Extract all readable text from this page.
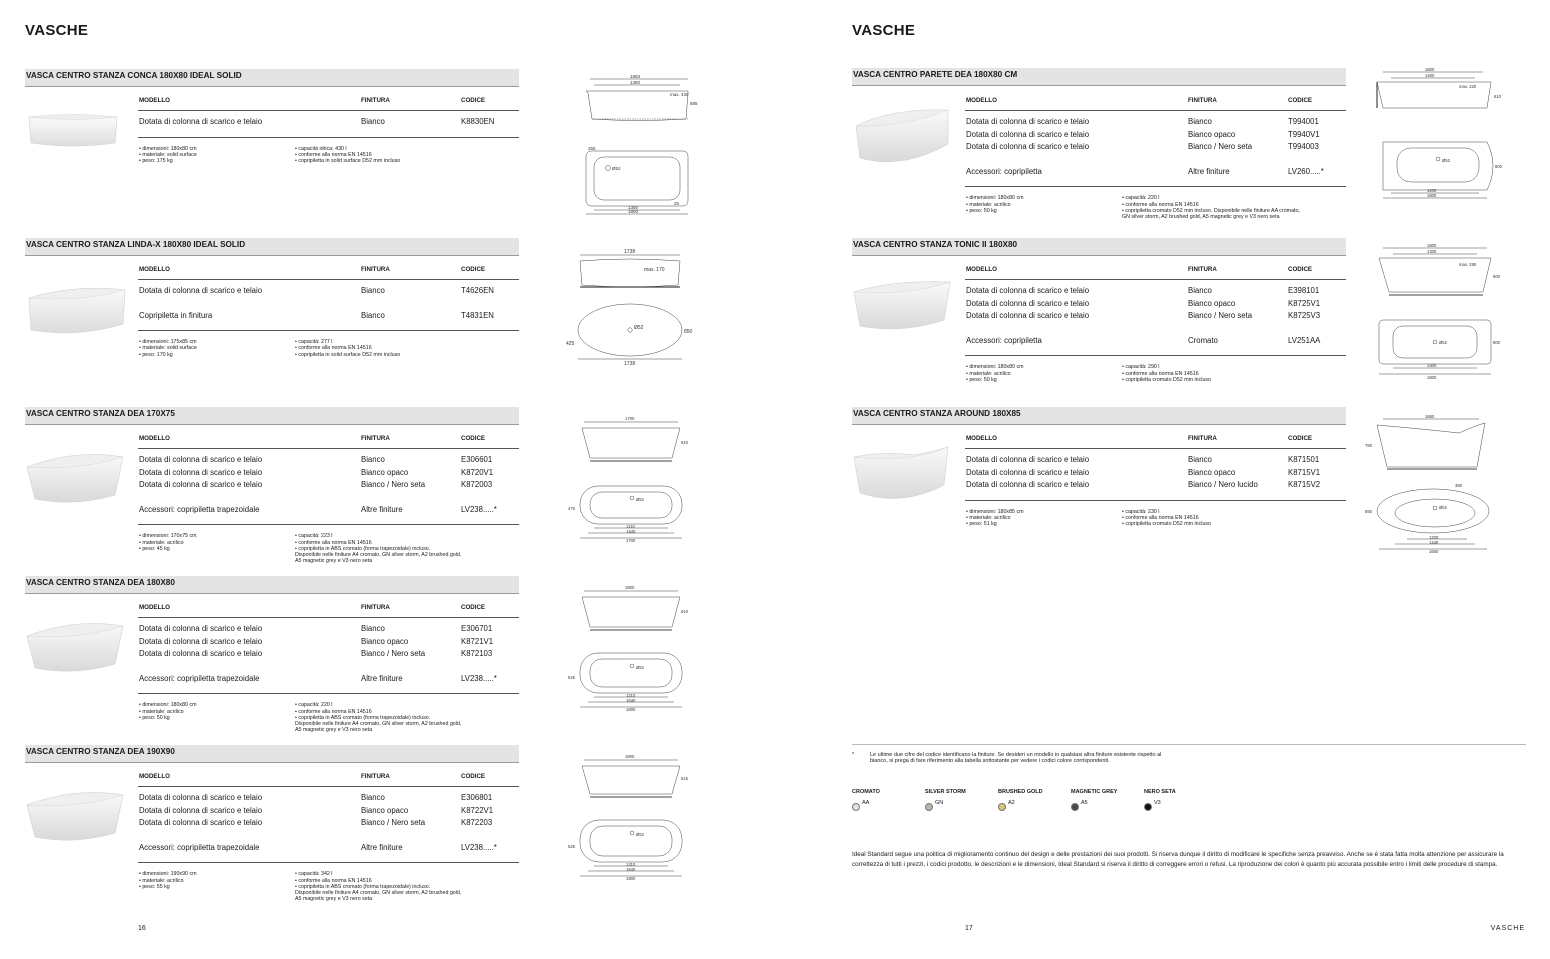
VASCHE
VASCA CENTRO STANZA CONCA 180X80 IDEAL SOLID
MODELLO	FINITURA	CODICE
Dotata di colonna di scarico e telaio	Bianco	K8830EN
• dimensioni: 180x80 cm
• materiale: solid surface
• peso: 175 kg
• capacità idrica: 430 l
• conforme alla norma EN 14516
• copripiletta in solid surface D52 mm incluso
VASCA CENTRO STANZA LINDA-X 180X80 IDEAL SOLID
MODELLO	FINITURA	CODICE
Dotata di colonna di scarico e telaio	Bianco	T4626EN
Copripiletta in finitura	Bianco	T4831EN
• dimensioni: 175x85 cm
• materiale: solid surface
• peso: 170 kg
• capacità: 277 l
• conforme alla norma EN 14516
• copripiletta in solid surface D52 mm incluso
VASCA CENTRO STANZA DEA 170X75
MODELLO	FINITURA	CODICE
Dotata di colonna di scarico e telaio	Bianco	E306601
Dotata di colonna di scarico e telaio	Bianco opaco	K8720V1
Dotata di colonna di scarico e telaio	Bianco / Nero seta	K872003
Accessori: copripiletta trapezoidale	Altre finiture	LV238.....*
• dimensioni: 170x75 cm
• materiale: acrilico
• peso: 45 kg
• capacità: 223 l
• conforme alla norma EN 14516
• copripiletta in ABS cromato (forma trapezoidale) incluso.
Disponibile nelle finiture A4 cromato, GN silver storm, A2 brushed gold,
A5 magnetic grey e V3 nero seta
VASCA CENTRO STANZA DEA 180X80
MODELLO	FINITURA	CODICE
Dotata di colonna di scarico e telaio	Bianco	E306701
Dotata di colonna di scarico e telaio	Bianco opaco	K8721V1
Dotata di colonna di scarico e telaio	Bianco / Nero seta	K872103
Accessori: copripiletta trapezoidale	Altre finiture	LV238.....*
• dimensioni: 180x80 cm
• materiale: acrilico
• peso: 50 kg
• capacità: 220 l
• conforme alla norma EN 14516
• copripiletta in ABS cromato (forma trapezoidale) incluso.
Disponibile nelle finiture A4 cromato, GN silver storm, A2 brushed gold,
A5 magnetic grey e V3 nero seta
VASCA CENTRO STANZA DEA 190X90
MODELLO	FINITURA	CODICE
Dotata di colonna di scarico e telaio	Bianco	E306801
Dotata di colonna di scarico e telaio	Bianco opaco	K8722V1
Dotata di colonna di scarico e telaio	Bianco / Nero seta	K872203
Accessori: copripiletta trapezoidale	Altre finiture	LV238.....*
• dimensioni: 190x90 cm
• materiale: acrilico
• peso: 55 kg
• capacità: 342 l
• conforme alla norma EN 14516
• copripiletta in ABS cromato (forma trapezoidale) incluso.
Disponibile nelle finiture A4 cromato, GN silver storm, A2 brushed gold,
A5 magnetic grey e V3 nero seta
1883
1350
max. 430
685
Ø52
1350
1800
255
25
1738
max. 170
Ø52
850
425
1738
1700
610
Ø52
1110
1440
1700
475
1800
610
Ø52
1210
1640
1800
525
1900
615
Ø52
1310
1640
1900
525
16
VASCHE
VASCA CENTRO PARETE DEA 180X80 CM
MODELLO	FINITURA	CODICE
Dotata di colonna di scarico e telaio	Bianco	T994001
Dotata di colonna di scarico e telaio	Bianco opaco	T9940V1
Dotata di colonna di scarico e telaio	Bianco / Nero seta	T994003
Accessori: copripiletta	Altre finiture	LV260.....*
• dimensioni: 180x80 cm
• materiale: acrilico
• peso: 50 kg
• capacità: 220 l
• conforme alla norma EN 14516
• copripiletta cromato D52 mm incluso. Disponibile nelle finiture AA cromato,
GN silver storm, A2 brushed gold, A5 magnetic grey e V3 nero seta
VASCA CENTRO STANZA TONIC II 180X80
MODELLO	FINITURA	CODICE
Dotata di colonna di scarico e telaio	Bianco	E398101
Dotata di colonna di scarico e telaio	Bianco opaco	K8725V1
Dotata di colonna di scarico e telaio	Bianco / Nero seta	K8725V3
Accessori: copripiletta	Cromato	LV251AA
• dimensioni: 180x80 cm
• materiale: acrilico
• peso: 50 kg
• capacità: 290 l
• conforme alla norma EN 14516
• copripiletta cromato D52 mm incluso
VASCA CENTRO STANZA AROUND 180X85
MODELLO	FINITURA	CODICE
Dotata di colonna di scarico e telaio	Bianco	K871501
Dotata di colonna di scarico e telaio	Bianco opaco	K8715V1
Dotata di colonna di scarico e telaio	Bianco / Nero lucido	K8715V2
• dimensioni: 180x85 cm
• materiale: acrilico
• peso: 51 kg
• capacità: 230 l
• conforme alla norma EN 14516
• copripiletta cromato D52 mm incluso
1800
1400
max. 220
610
Ø52
1400
1800
800
1800
1300
max. 290
600
Ø52
1300
1800
800
1660
780
Ø52
380
1200
1440
1660
850
*	Le ultime due cifre del codice identificano la finiture. Se desideri un modello in qualsiasi altra finiture esistente rispetto al bianco, si prega di fare riferimento alla tabella sottostante per vedere i codici colore corrispondenti.
CROMATO
AA
SILVER STORM
GN
BRUSHED GOLD
A2
MAGNETIC GREY
A5
NERO SETA
V3
Ideal Standard segue una politica di miglioramento continuo del design e delle prestazioni dei suoi prodotti. Si riserva dunque il diritto di modificare le specifiche senza preavviso. Anche se è stata fatta molta attenzione per assicurare la correttezza di tutti i prezzi, i codici prodotto, le descrizioni e le dimensioni, Ideal Standard si riserva il diritto di correggere errori o refusi. La riproduzione dei colori è quanto più accurata possibile entro i limiti delle procedure di stampa.
17	VASCHE
